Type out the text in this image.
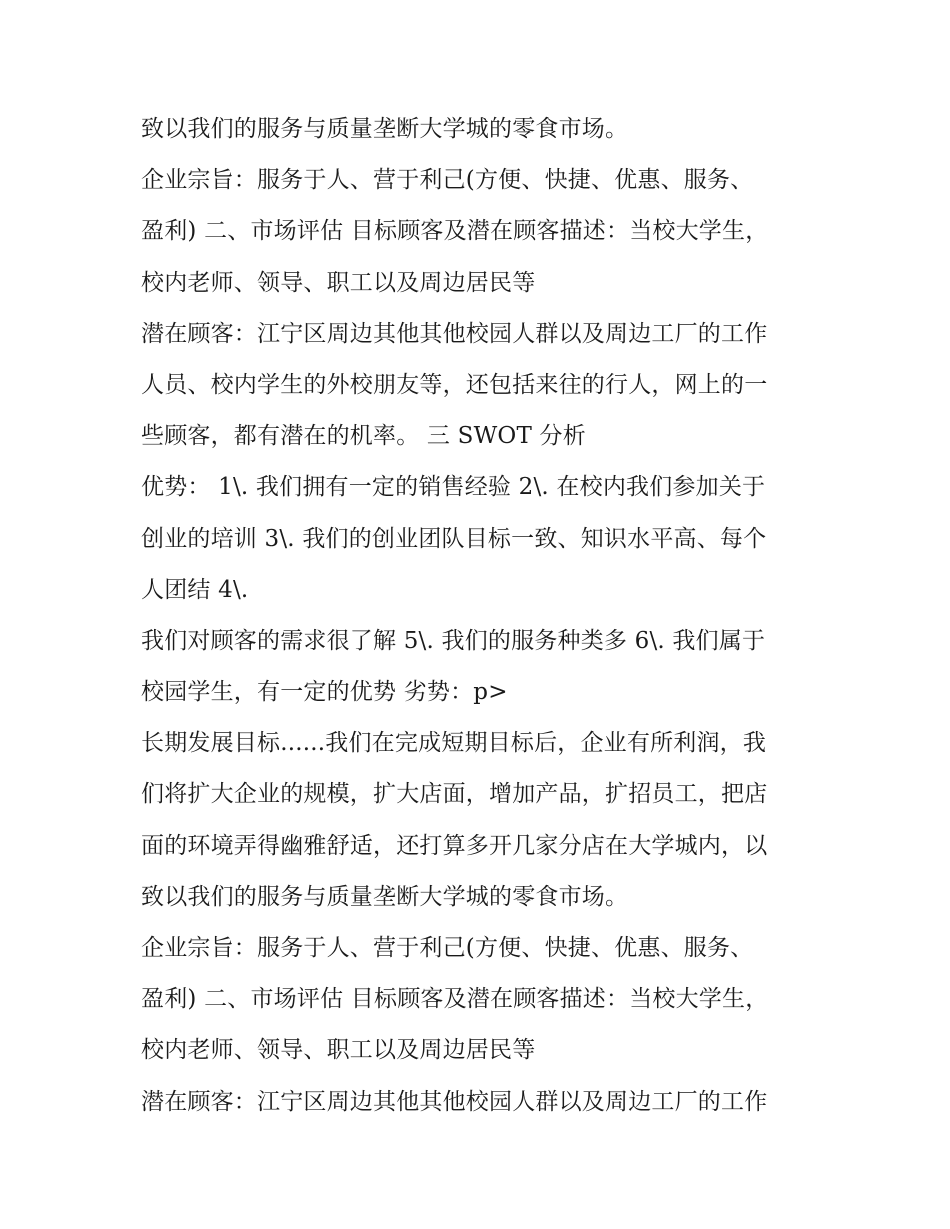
致以我们的服务与质量垄断大学城的零食市场。
企业宗旨：服务于人、营于利己(方便、快捷、优惠、服务、
盈利) 二、市场评估 目标顾客及潜在顾客描述：当校大学生，
校内老师、领导、职工以及周边居民等
潜在顾客：江宁区周边其他其他校园人群以及周边工厂的工作
人员、校内学生的外校朋友等，还包括来往的行人，网上的一
些顾客，都有潜在的机率。 三 SWOT 分析
优势： 1\. 我们拥有一定的销售经验 2\. 在校内我们参加关于
创业的培训 3\. 我们的创业团队目标一致、知识水平高、每个
人团结 4\.
我们对顾客的需求很了解 5\. 我们的服务种类多 6\. 我们属于
校园学生，有一定的优势 劣势：p>
长期发展目标......我们在完成短期目标后，企业有所利润，我
们将扩大企业的规模，扩大店面，增加产品，扩招员工，把店
面的环境弄得幽雅舒适，还打算多开几家分店在大学城内，以
致以我们的服务与质量垄断大学城的零食市场。
企业宗旨：服务于人、营于利己(方便、快捷、优惠、服务、
盈利) 二、市场评估 目标顾客及潜在顾客描述：当校大学生，
校内老师、领导、职工以及周边居民等
潜在顾客：江宁区周边其他其他校园人群以及周边工厂的工作
